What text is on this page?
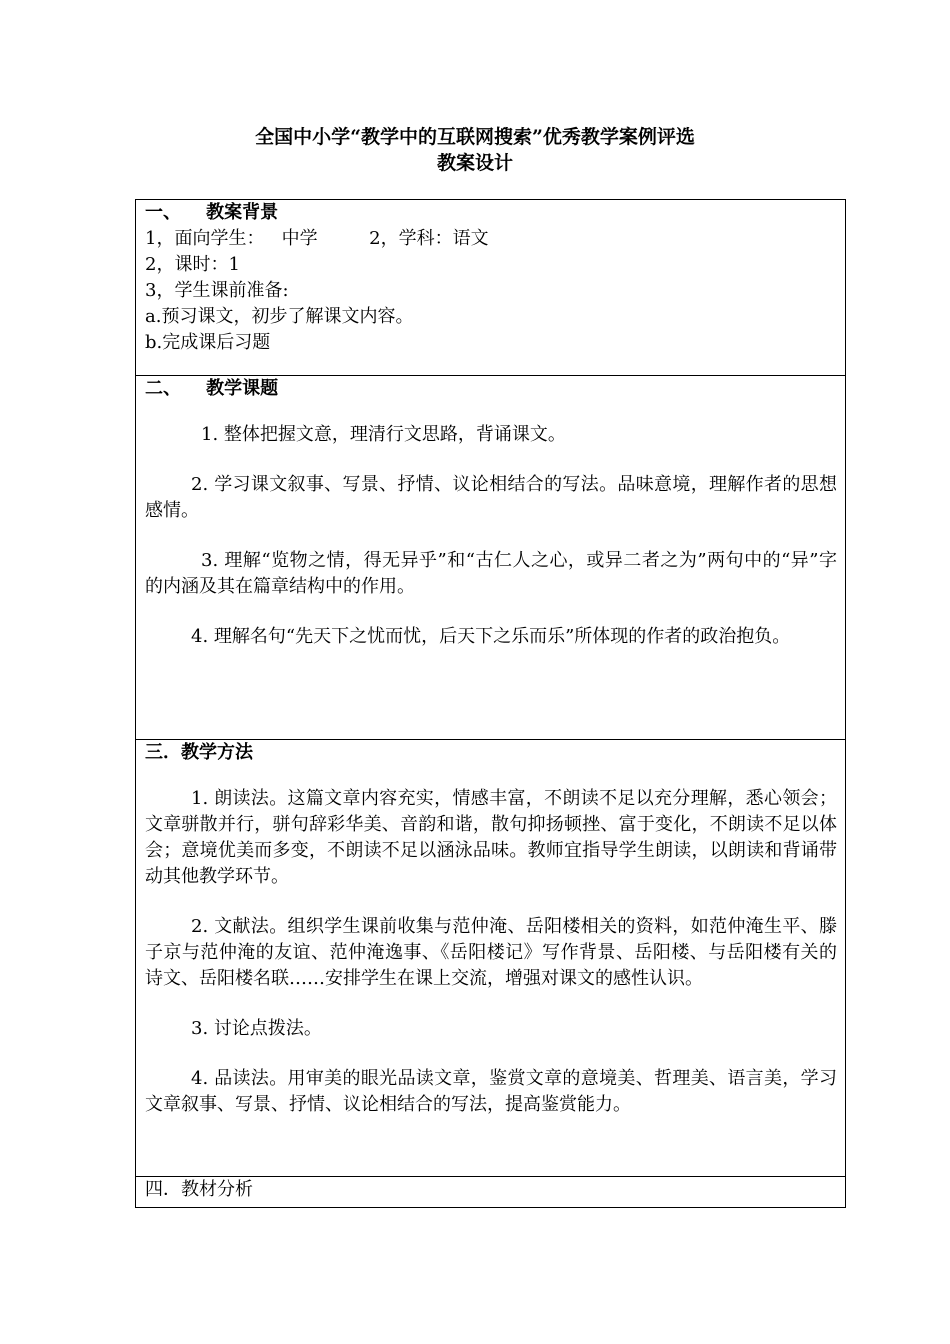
全国中小学“教学中的互联网搜索”优秀教学案例评选
教案设计
一、    教案背景
1，面向学生：   中学         2，学科：语文
2，课时：1
3，学生课前准备:
a.预习课文，初步了解课文内容。
b.完成课后习题
二、    教学课题
1. 整体把握文意，理清行文思路，背诵课文。
2. 学习课文叙事、写景、抒情、议论相结合的写法。品味意境，理解作者的思想感情。
3. 理解“览物之情，得无异乎”和“古仁人之心，或异二者之为”两句中的“异”字的内涵及其在篇章结构中的作用。
4. 理解名句“先天下之忧而忧，后天下之乐而乐”所体现的作者的政治抱负。
三．教学方法
1. 朗读法。这篇文章内容充实，情感丰富，不朗读不足以充分理解，悉心领会；文章骈散并行，骈句辞彩华美、音韵和谐，散句抑扬顿挫、富于变化，不朗读不足以体会；意境优美而多变，不朗读不足以涵泳品味。教师宜指导学生朗读，以朗读和背诵带动其他教学环节。
2. 文献法。组织学生课前收集与范仲淹、岳阳楼相关的资料，如范仲淹生平、滕子京与范仲淹的友谊、范仲淹逸事、《岳阳楼记》写作背景、岳阳楼、与岳阳楼有关的诗文、岳阳楼名联……安排学生在课上交流，增强对课文的感性认识。
3. 讨论点拨法。
4. 品读法。用审美的眼光品读文章，鉴赏文章的意境美、哲理美、语言美，学习文章叙事、写景、抒情、议论相结合的写法，提高鉴赏能力。
四．教材分析
